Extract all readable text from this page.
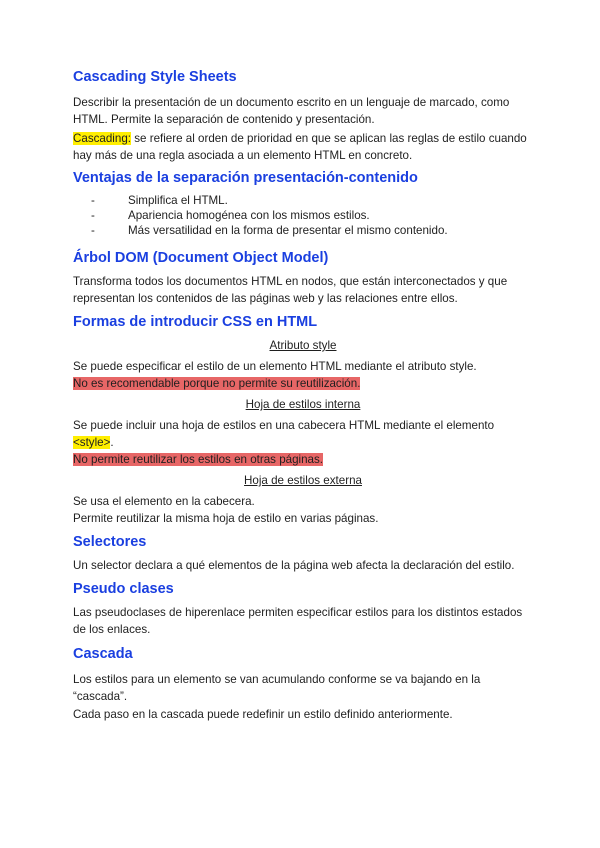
Cascading Style Sheets

Describir la presentación de un documento escrito en un lenguaje de marcado, como HTML. Permite la separación de contenido y presentación.

Cascading: se refiere al orden de prioridad en que se aplican las reglas de estilo cuando hay más de una regla asociada a un elemento HTML en concreto.

Ventajas de la separación presentación-contenido
-	Simplifica el HTML.
-	Apariencia homogénea con los mismos estilos.
-	Más versatilidad en la forma de presentar el mismo contenido.
Árbol DOM (Document Object Model)

Transforma todos los documentos HTML en nodos, que están interconectados y que representan los contenidos de las páginas web y las relaciones entre ellos.

Formas de introducir CSS en HTML

Atributo style

Se puede especificar el estilo de un elemento HTML mediante el atributo style.

No es recomendable porque no permite su reutilización.

Hoja de estilos interna

Se puede incluir una hoja de estilos en una cabecera HTML mediante el elemento <style>.

No permite reutilizar los estilos en otras páginas.

Hoja de estilos externa

Se usa el elemento en la cabecera.

Permite reutilizar la misma hoja de estilo en varias páginas.

Selectores

Un selector declara a qué elementos de la página web afecta la declaración del estilo.

Pseudo clases

Las pseudoclases de hiperenlace permiten especificar estilos para los distintos estados de los enlaces.

Cascada

Los estilos para un elemento se van acumulando conforme se va bajando en la “cascada”.

Cada paso en la cascada puede redefinir un estilo definido anteriormente.
